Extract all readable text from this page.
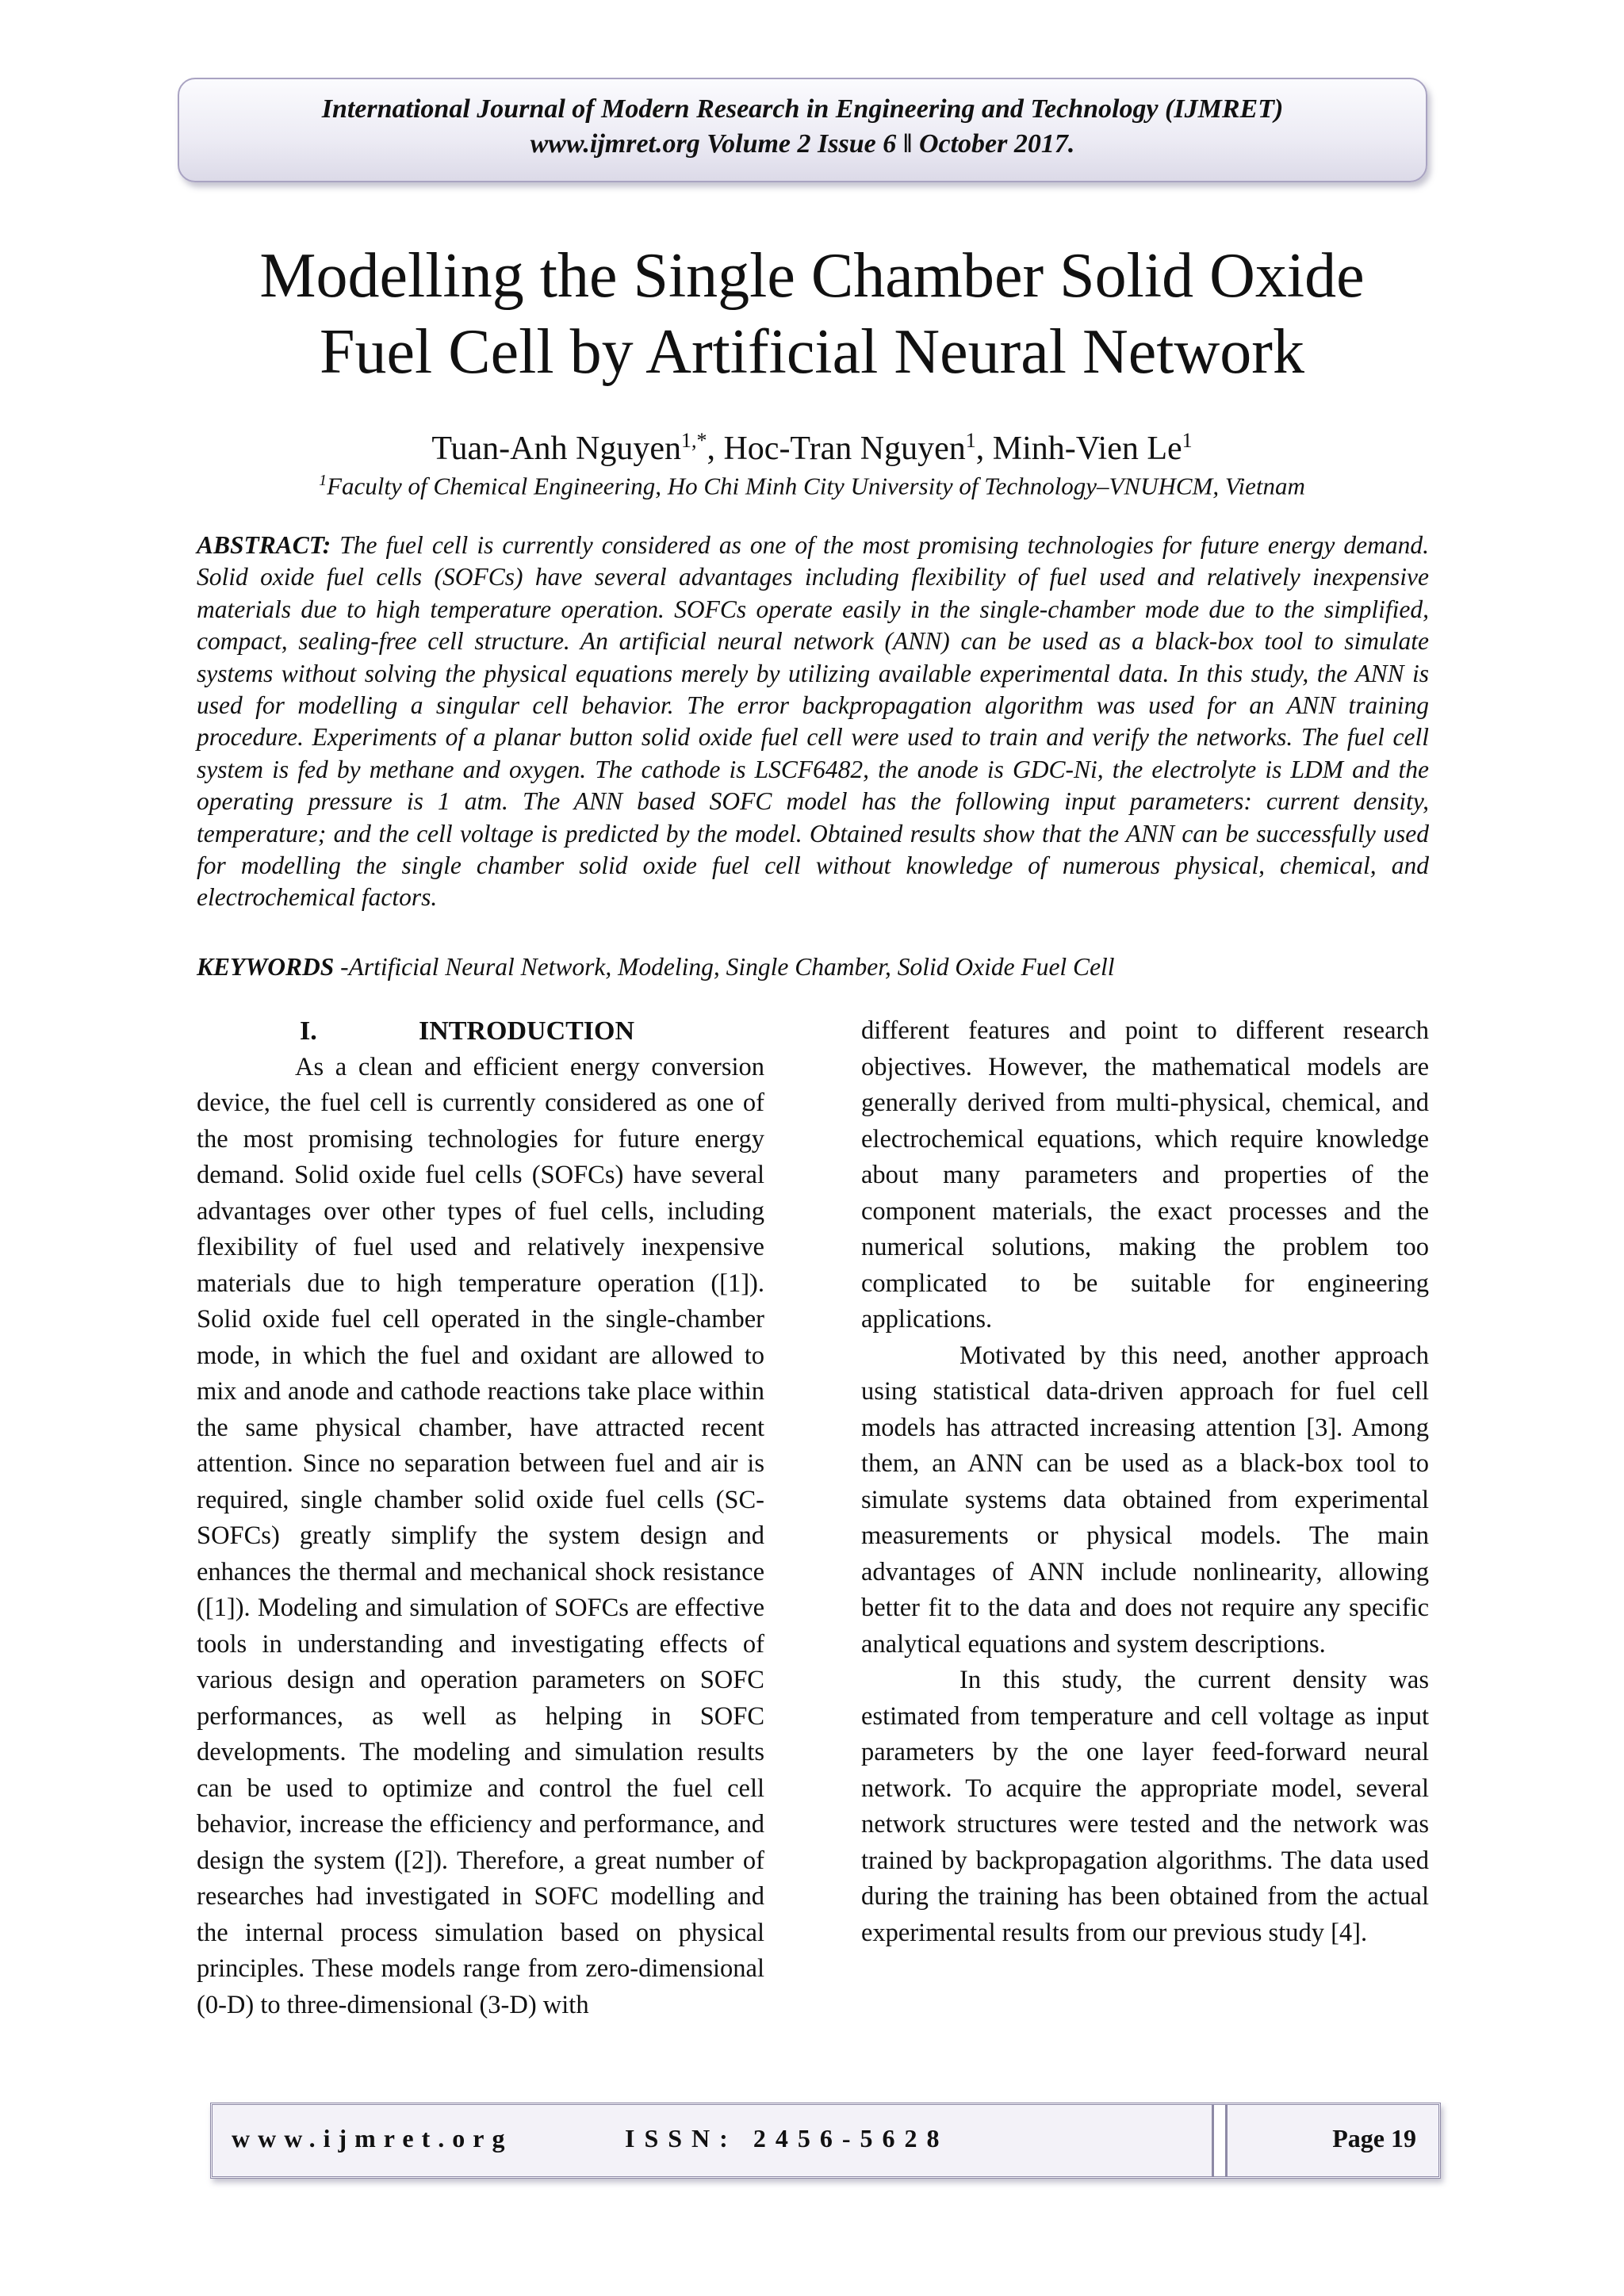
International Journal of Modern Research in Engineering and Technology (IJMRET)
www.ijmret.org Volume 2 Issue 6 ǁ October 2017.
Modelling the Single Chamber Solid Oxide
Fuel Cell by Artificial Neural Network
Tuan-Anh Nguyen$^{1,*}$, Hoc-Tran Nguyen$^1$, Minh-Vien Le$^1$
$^1$Faculty of Chemical Engineering, Ho Chi Minh City University of Technology–VNUHCM, Vietnam
ABSTRACT: The fuel cell is currently considered as one of the most promising technologies for future energy demand. Solid oxide fuel cells (SOFCs) have several advantages including flexibility of fuel used and relatively inexpensive materials due to high temperature operation. SOFCs operate easily in the single-chamber mode due to the simplified, compact, sealing-free cell structure. An artificial neural network (ANN) can be used as a black-box tool to simulate systems without solving the physical equations merely by utilizing available experimental data. In this study, the ANN is used for modelling a singular cell behavior. The error backpropagation algorithm was used for an ANN training procedure. Experiments of a planar button solid oxide fuel cell were used to train and verify the networks. The fuel cell system is fed by methane and oxygen. The cathode is LSCF6482, the anode is GDC-Ni, the electrolyte is LDM and the operating pressure is 1 atm. The ANN based SOFC model has the following input parameters: current density, temperature; and the cell voltage is predicted by the model. Obtained results show that the ANN can be successfully used for modelling the single chamber solid oxide fuel cell without knowledge of numerous physical, chemical, and electrochemical factors.
KEYWORDS -Artificial Neural Network, Modeling, Single Chamber, Solid Oxide Fuel Cell
I.	INTRODUCTION

As a clean and efficient energy conversion device, the fuel cell is currently considered as one of the most promising technologies for future energy demand. Solid oxide fuel cells (SOFCs) have several advantages over other types of fuel cells, including flexibility of fuel used and relatively inexpensive materials due to high temperature operation ([1]). Solid oxide fuel cell operated in the single-chamber mode, in which the fuel and oxidant are allowed to mix and anode and cathode reactions take place within the same physical chamber, have attracted recent attention. Since no separation between fuel and air is required, single chamber solid oxide fuel cells (SC-SOFCs) greatly simplify the system design and enhances the thermal and mechanical shock resistance ([1]). Modeling and simulation of SOFCs are effective tools in understanding and investigating effects of various design and operation parameters on SOFC performances, as well as helping in SOFC developments. The modeling and simulation results can be used to optimize and control the fuel cell behavior, increase the efficiency and performance, and design the system ([2]). Therefore, a great number of researches had investigated in SOFC modelling and the internal process simulation based on physical principles. These models range from zero-dimensional (0-D) to three-dimensional (3-D) with

different features and point to different research objectives. However, the mathematical models are generally derived from multi-physical, chemical, and electrochemical equations, which require knowledge about many parameters and properties of the component materials, the exact processes and the numerical solutions, making the problem too complicated to be suitable for engineering applications.

Motivated by this need, another approach using statistical data-driven approach for fuel cell models has attracted increasing attention [3]. Among them, an ANN can be used as a black-box tool to simulate systems data obtained from experimental measurements or physical models. The main advantages of ANN include nonlinearity, allowing better fit to the data and does not require any specific analytical equations and system descriptions.

In this study, the current density was estimated from temperature and cell voltage as input parameters by the one layer feed-forward neural network. To acquire the appropriate model, several network structures were tested and the network was trained by backpropagation algorithms. The data used during the training has been obtained from the actual experimental results from our previous study [4].

www.ijmret.org	ISSN: 2456-5628	Page 19
